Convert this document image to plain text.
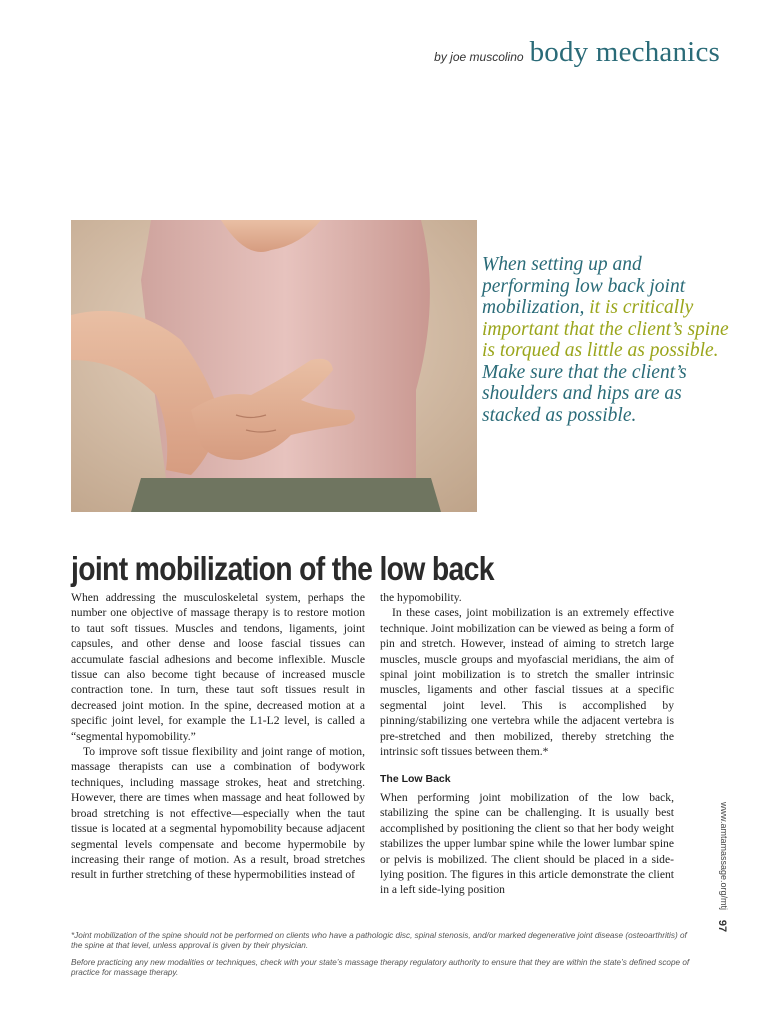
by joe muscolino body mechanics
When setting up and performing low back joint mobilization, it is critically important that the client’s spine is torqued as little as possible. Make sure that the client’s shoulders and hips are as stacked as possible.
joint mobilization of the low back

When addressing the musculoskeletal system, perhaps the number one objective of massage therapy is to restore motion to taut soft tissues. Muscles and tendons, ligaments, joint capsules, and other dense and loose fascial tissues can accumulate fascial adhesions and become inflexible. Muscle tissue can also become tight because of increased muscle contraction tone. In turn, these taut soft tissues result in decreased joint motion. In the spine, decreased motion at a specific joint level, for example the L1-L2 level, is called a “segmental hypomobility.”

To improve soft tissue flexibility and joint range of motion, massage therapists can use a combination of bodywork techniques, including massage strokes, heat and stretching. However, there are times when massage and heat followed by broad stretching is not effective—especially when the taut tissue is located at a segmental hypomobility because adjacent segmental levels compensate and become hypermobile by increasing their range of motion. As a result, broad stretches result in further stretching of these hypermobilities instead of

the hypomobility.

In these cases, joint mobilization is an extremely effective technique. Joint mobilization can be viewed as being a form of pin and stretch. However, instead of aiming to stretch large muscles, muscle groups and myofascial meridians, the aim of spinal joint mobilization is to stretch the smaller intrinsic muscles, ligaments and other fascial tissues at a specific segmental joint level. This is accomplished by pinning/stabilizing one vertebra while the adjacent vertebra is pre-stretched and then mobilized, thereby stretching the intrinsic soft tissues between them.*

The Low Back

When performing joint mobilization of the low back, stabilizing the spine can be challenging. It is usually best accomplished by positioning the client so that her body weight stabilizes the upper lumbar spine while the lower lumbar spine or pelvis is mobilized. The client should be placed in a side-lying position. The figures in this article demonstrate the client in a left side-lying position	www.amtamassage.org/mtj
97
*Joint mobilization of the spine should not be performed on clients who have a pathologic disc, spinal stenosis, and/or marked degenerative joint disease (osteoarthritis) of the spine at that level, unless approval is given by their physician.
Before practicing any new modalities or techniques, check with your state’s massage therapy regulatory authority to ensure that they are within the state’s defined scope of practice for massage therapy.
